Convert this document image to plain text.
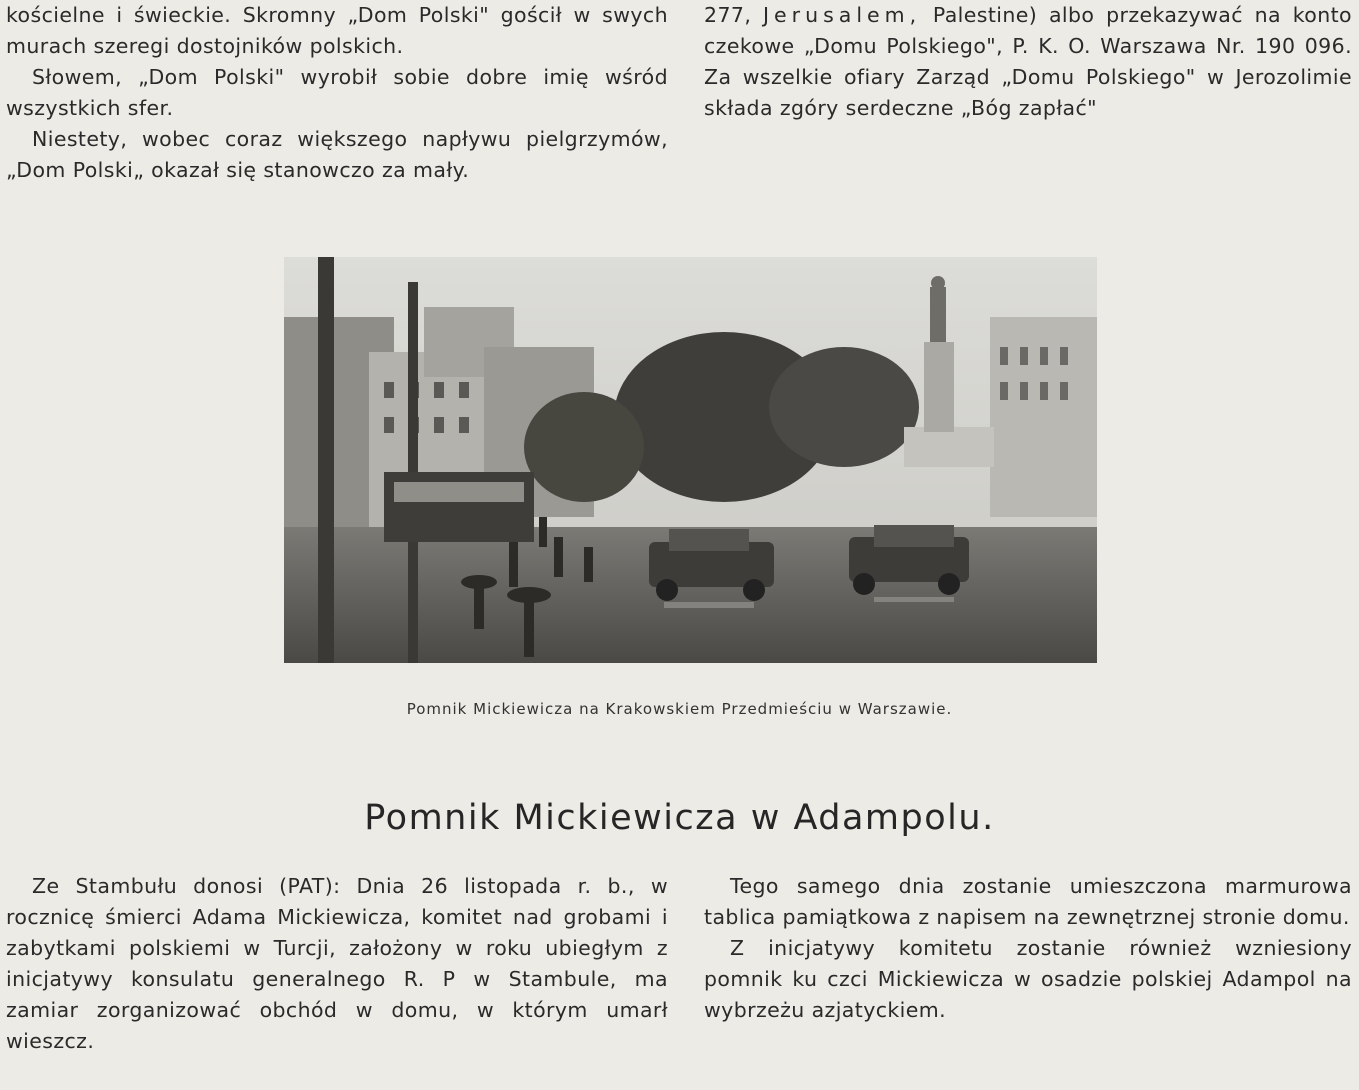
kościelne i świeckie. Skromny „Dom Polski" gościł w swych murach szeregi dostojników polskich.

Słowem, „Dom Polski" wyrobił sobie dobre imię wśród wszystkich sfer.

Niestety, wobec coraz większego napływu pielgrzymów, „Dom Polski„ okazał się stanowczo za mały.

277, Jerusalem, Palestine) albo przekazywać na konto czekowe „Domu Polskiego", P. K. O. Warszawa Nr. 190 096. Za wszelkie ofiary Zarząd „Domu Polskiego" w Jerozolimie składa zgóry serdeczne „Bóg zapłać"

Pomnik Mickiewicza na Krakowskiem Przedmieściu w Warszawie.
Pomnik Mickiewicza w Adampolu.

Ze Stambułu donosi (PAT): Dnia 26 listopada r. b., w rocznicę śmierci Adama Mickiewicza, komitet nad grobami i zabytkami polskiemi w Turcji, założony w roku ubiegłym z inicjatywy konsulatu generalnego R. P w Stambule, ma zamiar zorganizować obchód w domu, w którym umarł wieszcz.

Tego samego dnia zostanie umieszczona marmurowa tablica pamiątkowa z napisem na zewnętrznej stronie domu.

Z inicjatywy komitetu zostanie również wzniesiony pomnik ku czci Mickiewicza w osadzie polskiej Adampol na wybrzeżu azjatyckiem.
